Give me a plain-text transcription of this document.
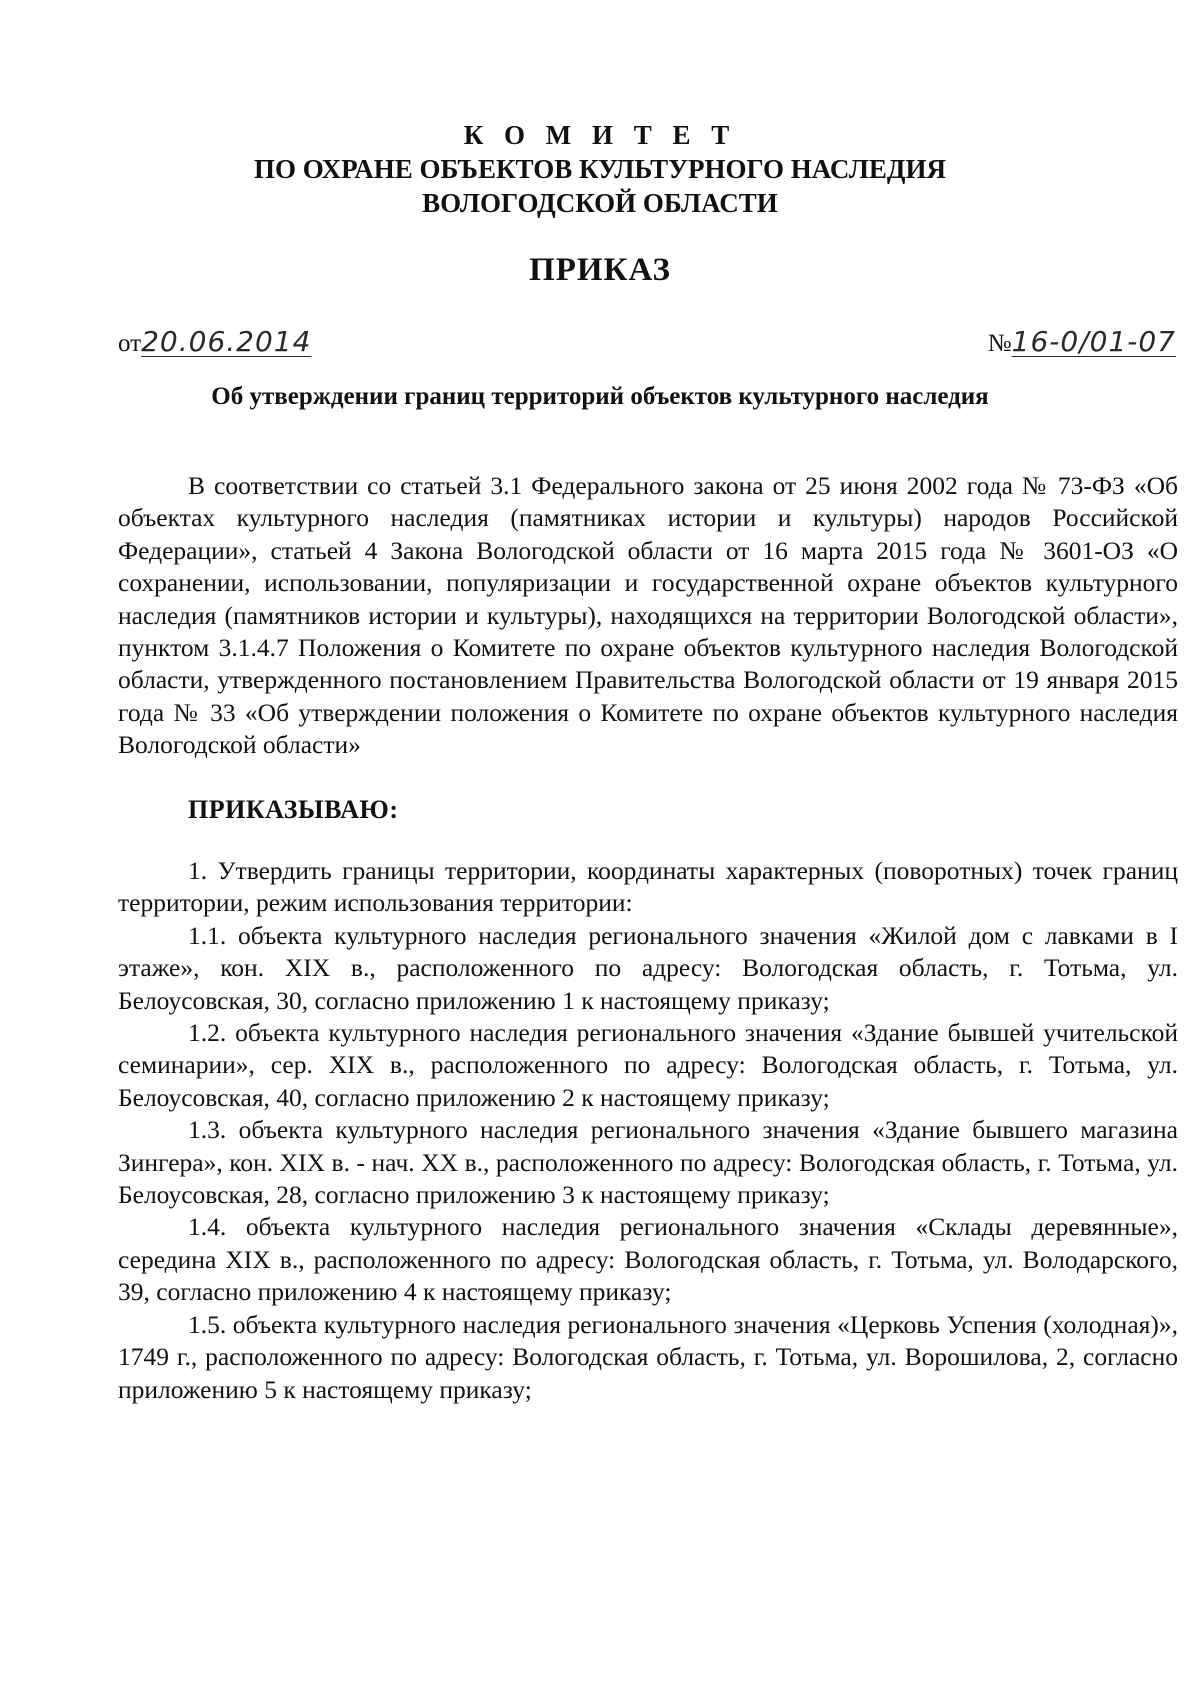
К О М И Т Е Т
ПО ОХРАНЕ ОБЪЕКТОВ КУЛЬТУРНОГО НАСЛЕДИЯ
ВОЛОГОДСКОЙ ОБЛАСТИ
ПРИКАЗ
от20.06.2014	№16-0/01-07
Об утверждении границ территорий объектов культурного наследия

В соответствии со статьей 3.1 Федерального закона от 25 июня 2002 года № 73-ФЗ «Об объектах культурного наследия (памятниках истории и культуры) народов Российской Федерации», статьей 4 Закона Вологодской области от 16 марта 2015 года № 3601-ОЗ «О сохранении, использовании, популяризации и государственной охране объектов культурного наследия (памятников истории и культуры), находящихся на территории Вологодской области», пунктом 3.1.4.7 Положения о Комитете по охране объектов культурного наследия Вологодской области, утвержденного постановлением Правительства Вологодской области от 19 января 2015 года № 33 «Об утверждении положения о Комитете по охране объектов культурного наследия Вологодской области»

ПРИКАЗЫВАЮ:

1. Утвердить границы территории, координаты характерных (поворотных) точек границ территории, режим использования территории:

1.1. объекта культурного наследия регионального значения «Жилой дом с лавками в I этаже», кон. XIX в., расположенного по адресу: Вологодская область, г. Тотьма, ул. Белоусовская, 30, согласно приложению 1 к настоящему приказу;

1.2. объекта культурного наследия регионального значения «Здание бывшей учительской семинарии», сер. XIX в., расположенного по адресу: Вологодская область, г. Тотьма, ул. Белоусовская, 40, согласно приложению 2 к настоящему приказу;

1.3. объекта культурного наследия регионального значения «Здание бывшего магазина Зингера», кон. XIX в. - нач. XX в., расположенного по адресу: Вологодская область, г. Тотьма, ул. Белоусовская, 28, согласно приложению 3 к настоящему приказу;

1.4. объекта культурного наследия регионального значения «Склады деревянные», середина XIX в., расположенного по адресу: Вологодская область, г. Тотьма, ул. Володарского, 39, согласно приложению 4 к настоящему приказу;

1.5. объекта культурного наследия регионального значения «Церковь Успения (холодная)», 1749 г., расположенного по адресу: Вологодская область, г. Тотьма, ул. Ворошилова, 2, согласно приложению 5 к настоящему приказу;
